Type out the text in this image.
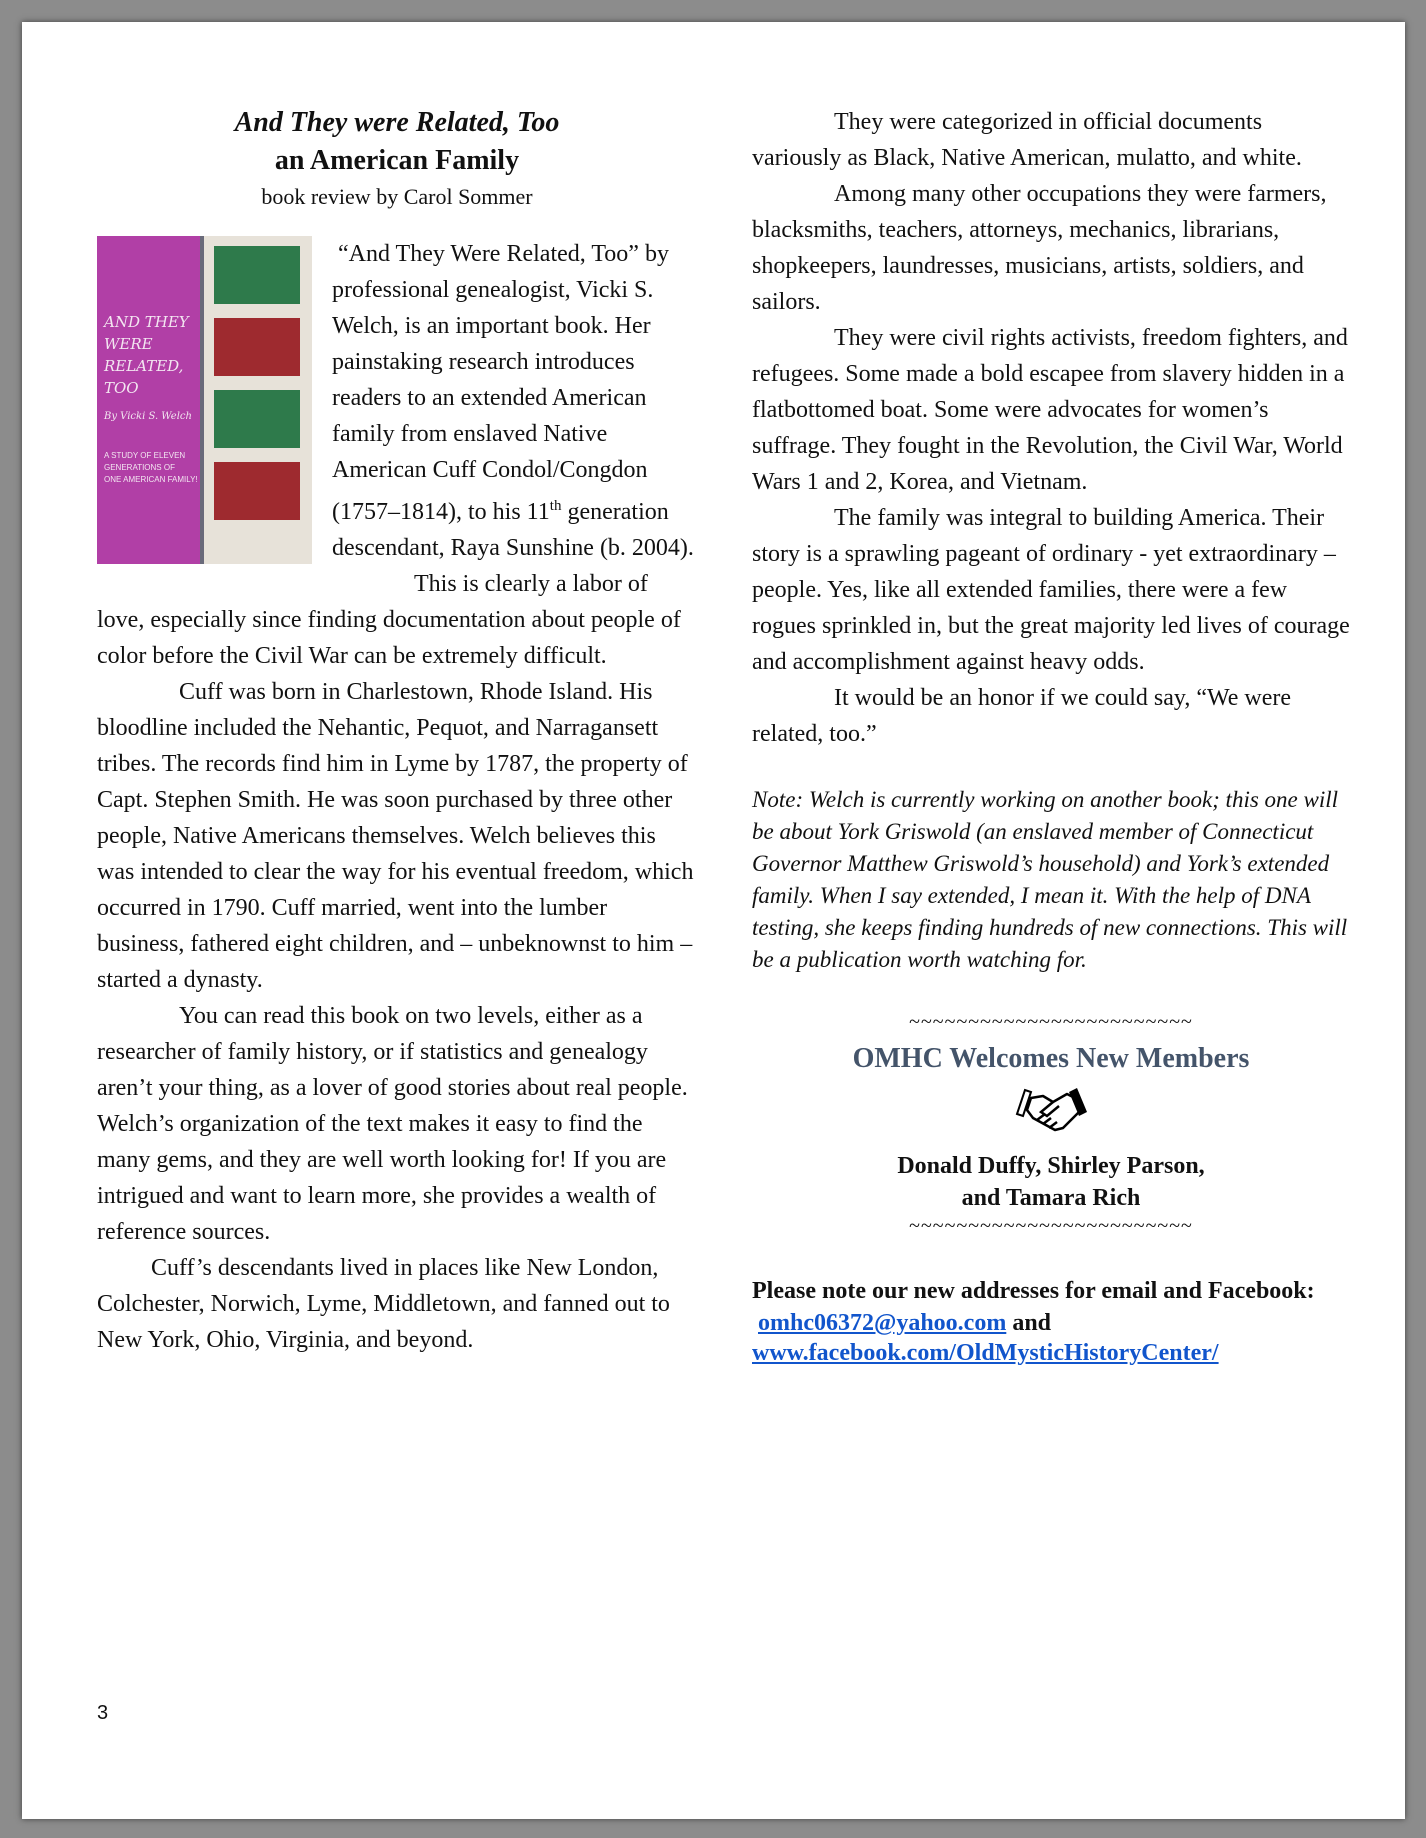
And They were Related, Too
an American Family
book review by Carol Sommer
AND THEY
WERE
RELATED,
TOO
By Vicki S. Welch
A STUDY OF ELEVEN
GENERATIONS OF
ONE AMERICAN FAMILY!

“And They Were Related, Too” by professional genealogist, Vicki S. Welch, is an important book. Her painstaking research introduces readers to an extended American family from enslaved Native American Cuff Condol/Congdon (1757–1814), to his 11th generation descendant, Raya Sunshine (b. 2004).

This is clearly a labor of love, especially since finding documentation about people of color before the Civil War can be extremely difficult.

Cuff was born in Charlestown, Rhode Island. His bloodline included the Nehantic, Pequot, and Narragansett tribes. The records find him in Lyme by 1787, the property of Capt. Stephen Smith. He was soon purchased by three other people, Native Americans themselves. Welch believes this was intended to clear the way for his eventual freedom, which occurred in 1790. Cuff married, went into the lumber business, fathered eight children, and – unbeknownst to him – started a dynasty.

You can read this book on two levels, either as a researcher of family history, or if statistics and genealogy aren’t your thing, as a lover of good stories about real people. Welch’s organization of the text makes it easy to find the many gems, and they are well worth looking for! If you are intrigued and want to learn more, she provides a wealth of reference sources.

Cuff’s descendants lived in places like New London, Colchester, Norwich, Lyme, Middletown, and fanned out to New York, Ohio, Virginia, and beyond.

They were categorized in official documents variously as Black, Native American, mulatto, and white.

Among many other occupations they were farmers, blacksmiths, teachers, attorneys, mechanics, librarians, shopkeepers, laundresses, musicians, artists, soldiers, and sailors.

They were civil rights activists, freedom fighters, and refugees. Some made a bold escapee from slavery hidden in a flatbottomed boat. Some were advocates for women’s suffrage. They fought in the Revolution, the Civil War, World Wars 1 and 2, Korea, and Vietnam.

The family was integral to building America. Their story is a sprawling pageant of ordinary - yet extraordinary – people. Yes, like all extended families, there were a few rogues sprinkled in, but the great majority led lives of courage and accomplishment against heavy odds.

It would be an honor if we could say, “We were related, too.”

Note: Welch is currently working on another book; this one will be about York Griswold (an enslaved member of Connecticut Governor Matthew Griswold’s household) and York’s extended family. When I say extended, I mean it. With the help of DNA testing, she keeps finding hundreds of new connections. This will be a publication worth watching for.
~~~~~~~~~~~~~~~~~~~~~~~~
OMHC Welcomes New Members
Donald Duffy, Shirley Parson,
and Tamara Rich
~~~~~~~~~~~~~~~~~~~~~~~~
Please note our new addresses for email and Facebook:
omhc06372@yahoo.com and
www.facebook.com/OldMysticHistoryCenter/
3
